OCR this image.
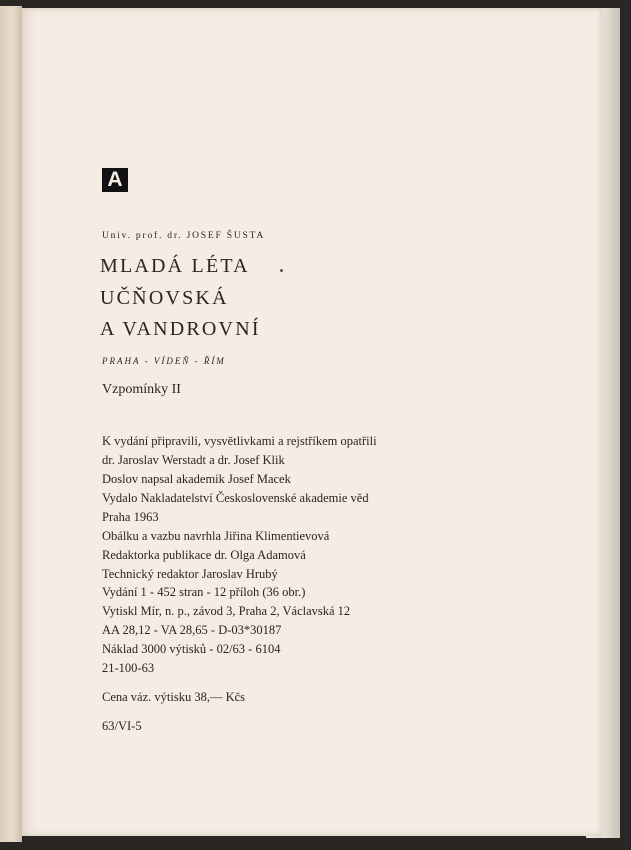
A

Univ. prof. dr. JOSEF ŠUSTA

MLADÁ LÉTA

UČŇOVSKÁ

A VANDROVNÍ

PRAHA - VÍDEŇ - ŘÍM

Vzpomínky II

K vydání připravili, vysvětlivkami a rejstříkem opatřili

dr. Jaroslav Werstadt a dr. Josef Klik

Doslov napsal akademik Josef Macek

Vydalo Nakladatelství Československé akademie věd

Praha 1963

Obálku a vazbu navrhla Jiřina Klimentievová

Redaktorka publikace dr. Olga Adamová

Technický redaktor Jaroslav Hrubý

Vydání 1 - 452 stran - 12 příloh (36 obr.)

Vytiskl Mír, n. p., závod 3, Praha 2, Václavská 12

AA 28,12 - VA 28,65 - D-03*30187

Náklad 3000 výtisků - 02/63 - 6104

21-100-63

Cena váz. výtisku 38,— Kčs

63/VI-5
